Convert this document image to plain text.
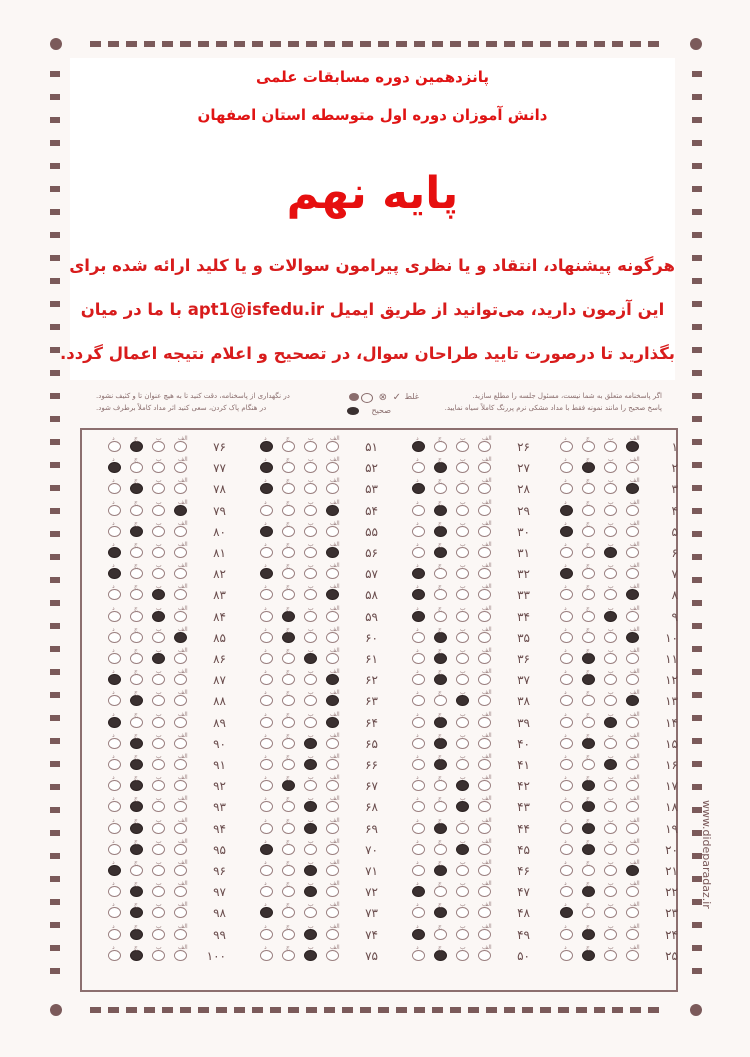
پانزدهمین دوره مسابقات علمی
دانش آموزان دوره اول متوسطه استان اصفهان
پایه نهم
هرگونه پیشنهاد، انتقاد و یا نظری پیرامون سوالات و یا کلید ارائه شده برای
این آزمون دارید، می‌توانید از طریق ایمیل apt1@isfedu.ir با ما در میان
بگذارید تا درصورت تایید طراحان سوال، در تصحیح و اعلام نتیجه اعمال گردد.
اگر پاسخنامه متعلق به شما نیست، مسئول جلسه را مطلع سازید.
پاسخ صحیح را مانند نمونه فقط با مداد مشکی نرم پررنگ کاملاً سیاه نمایید.
در نگهداری از پاسخنامه، دقت کنید تا به هیچ عنوان تا و کثیف نشود.
در هنگام پاک کردن، سعی کنید اثر مداد کاملاً برطرف شود.
غلط
✓
⊗
صحیح
۱
الف
ب
ج
د
۲
الف
ب
ج
د
۳
الف
ب
ج
د
۴
الف
ب
ج
د
۵
الف
ب
ج
د
۶
الف
ب
ج
د
۷
الف
ب
ج
د
۸
الف
ب
ج
د
۹
الف
ب
ج
د
۱۰
الف
ب
ج
د
۱۱
الف
ب
ج
د
۱۲
الف
ب
ج
د
۱۳
الف
ب
ج
د
۱۴
الف
ب
ج
د
۱۵
الف
ب
ج
د
۱۶
الف
ب
ج
د
۱۷
الف
ب
ج
د
۱۸
الف
ب
ج
د
۱۹
الف
ب
ج
د
۲۰
الف
ب
ج
د
۲۱
الف
ب
ج
د
۲۲
الف
ب
ج
د
۲۳
الف
ب
ج
د
۲۴
الف
ب
ج
د
۲۵
الف
ب
ج
د
۲۶
الف
ب
ج
د
۲۷
الف
ب
ج
د
۲۸
الف
ب
ج
د
۲۹
الف
ب
ج
د
۳۰
الف
ب
ج
د
۳۱
الف
ب
ج
د
۳۲
الف
ب
ج
د
۳۳
الف
ب
ج
د
۳۴
الف
ب
ج
د
۳۵
الف
ب
ج
د
۳۶
الف
ب
ج
د
۳۷
الف
ب
ج
د
۳۸
الف
ب
ج
د
۳۹
الف
ب
ج
د
۴۰
الف
ب
ج
د
۴۱
الف
ب
ج
د
۴۲
الف
ب
ج
د
۴۳
الف
ب
ج
د
۴۴
الف
ب
ج
د
۴۵
الف
ب
ج
د
۴۶
الف
ب
ج
د
۴۷
الف
ب
ج
د
۴۸
الف
ب
ج
د
۴۹
الف
ب
ج
د
۵۰
الف
ب
ج
د
۵۱
الف
ب
ج
د
۵۲
الف
ب
ج
د
۵۳
الف
ب
ج
د
۵۴
الف
ب
ج
د
۵۵
الف
ب
ج
د
۵۶
الف
ب
ج
د
۵۷
الف
ب
ج
د
۵۸
الف
ب
ج
د
۵۹
الف
ب
ج
د
۶۰
الف
ب
ج
د
۶۱
الف
ب
ج
د
۶۲
الف
ب
ج
د
۶۳
الف
ب
ج
د
۶۴
الف
ب
ج
د
۶۵
الف
ب
ج
د
۶۶
الف
ب
ج
د
۶۷
الف
ب
ج
د
۶۸
الف
ب
ج
د
۶۹
الف
ب
ج
د
۷۰
الف
ب
ج
د
۷۱
الف
ب
ج
د
۷۲
الف
ب
ج
د
۷۳
الف
ب
ج
د
۷۴
الف
ب
ج
د
۷۵
الف
ب
ج
د
۷۶
الف
ب
ج
د
۷۷
الف
ب
ج
د
۷۸
الف
ب
ج
د
۷۹
الف
ب
ج
د
۸۰
الف
ب
ج
د
۸۱
الف
ب
ج
د
۸۲
الف
ب
ج
د
۸۳
الف
ب
ج
د
۸۴
الف
ب
ج
د
۸۵
الف
ب
ج
د
۸۶
الف
ب
ج
د
۸۷
الف
ب
ج
د
۸۸
الف
ب
ج
د
۸۹
الف
ب
ج
د
۹۰
الف
ب
ج
د
۹۱
الف
ب
ج
د
۹۲
الف
ب
ج
د
۹۳
الف
ب
ج
د
۹۴
الف
ب
ج
د
۹۵
الف
ب
ج
د
۹۶
الف
ب
ج
د
۹۷
الف
ب
ج
د
۹۸
الف
ب
ج
د
۹۹
الف
ب
ج
د
۱۰۰
الف
ب
ج
د
www.dideparadaz.ir
